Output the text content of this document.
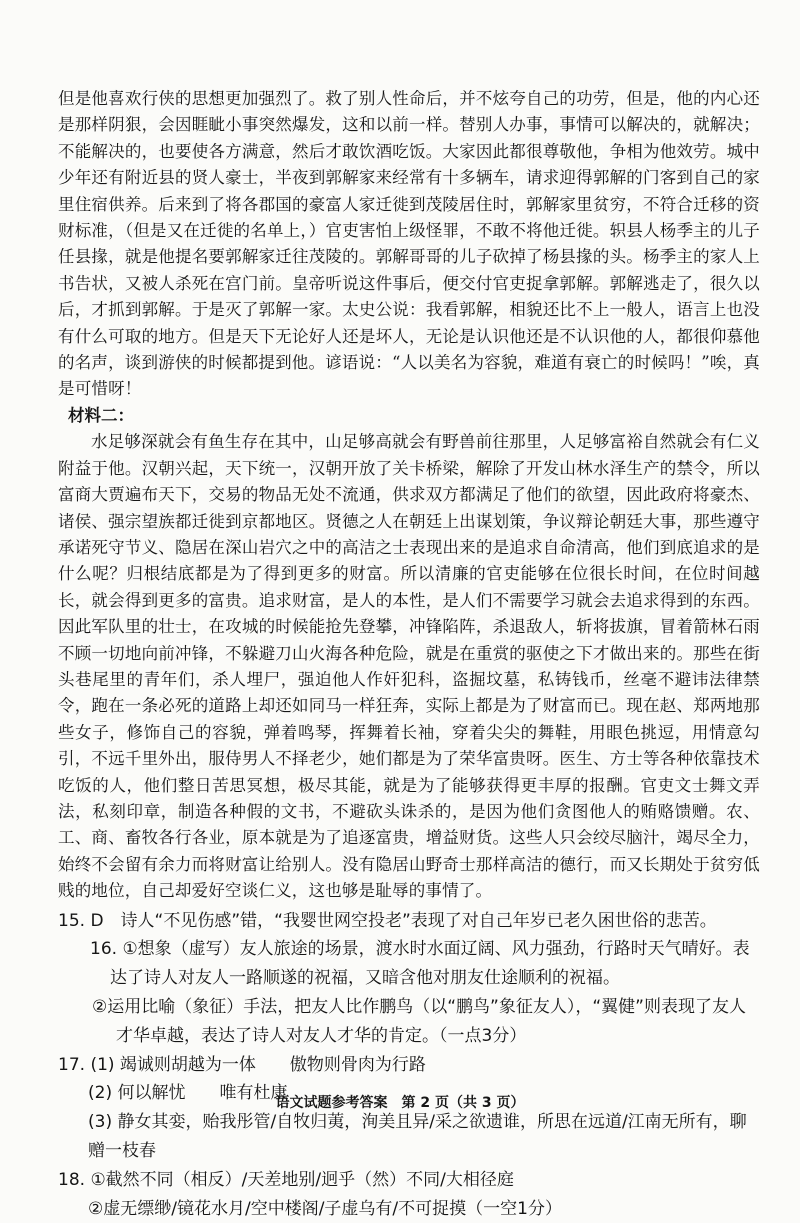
但是他喜欢行侠的思想更加强烈了。救了别人性命后，并不炫夸自己的功劳，但是，他的内心还是那样阴狠，会因睚眦小事突然爆发，这和以前一样。替别人办事，事情可以解决的，就解决；不能解决的，也要使各方满意，然后才敢饮酒吃饭。大家因此都很尊敬他，争相为他效劳。城中少年还有附近县的贤人豪士，半夜到郭解家来经常有十多辆车，请求迎得郭解的门客到自己的家里住宿供养。后来到了将各郡国的豪富人家迁徙到茂陵居住时，郭解家里贫穷，不符合迁移的资财标准，（但是又在迁徙的名单上，）官吏害怕上级怪罪，不敢不将他迁徙。轵县人杨季主的儿子任县掾，就是他提名要郭解家迁往茂陵的。郭解哥哥的儿子砍掉了杨县掾的头。杨季主的家人上书告状，又被人杀死在宫门前。皇帝听说这件事后，便交付官吏捉拿郭解。郭解逃走了，很久以后，才抓到郭解。于是灭了郭解一家。太史公说：我看郭解，相貌还比不上一般人，语言上也没有什么可取的地方。但是天下无论好人还是坏人，无论是认识他还是不认识他的人，都很仰慕他的名声，谈到游侠的时候都提到他。谚语说：“人以美名为容貌，难道有衰亡的时候吗！”唉，真是可惜呀！

材料二：

水足够深就会有鱼生存在其中，山足够高就会有野兽前往那里，人足够富裕自然就会有仁义附益于他。汉朝兴起，天下统一，汉朝开放了关卡桥梁，解除了开发山林水泽生产的禁令，所以富商大贾遍布天下，交易的物品无处不流通，供求双方都满足了他们的欲望，因此政府将豪杰、诸侯、强宗望族都迁徙到京都地区。贤德之人在朝廷上出谋划策，争议辩论朝廷大事，那些遵守承诺死守节义、隐居在深山岩穴之中的高洁之士表现出来的是追求自命清高，他们到底追求的是什么呢？归根结底都是为了得到更多的财富。所以清廉的官吏能够在位很长时间，在位时间越长，就会得到更多的富贵。追求财富，是人的本性，是人们不需要学习就会去追求得到的东西。因此军队里的壮士，在攻城的时候能抢先登攀，冲锋陷阵，杀退敌人，斩将拔旗，冒着箭林石雨不顾一切地向前冲锋，不躲避刀山火海各种危险，就是在重赏的驱使之下才做出来的。那些在街头巷尾里的青年们，杀人埋尸，强迫他人作奸犯科，盗掘坟墓，私铸钱币，丝毫不避讳法律禁令，跑在一条必死的道路上却还如同马一样狂奔，实际上都是为了财富而已。现在赵、郑两地那些女子，修饰自己的容貌，弹着鸣琴，挥舞着长袖，穿着尖尖的舞鞋，用眼色挑逗，用情意勾引，不远千里外出，服侍男人不择老少，她们都是为了荣华富贵呀。医生、方士等各种依靠技术吃饭的人，他们整日苦思冥想，极尽其能，就是为了能够获得更丰厚的报酬。官吏文士舞文弄法，私刻印章，制造各种假的文书，不避砍头诛杀的，是因为他们贪图他人的贿赂馈赠。农、工、商、畜牧各行各业，原本就是为了追逐富贵，增益财货。这些人只会绞尽脑汁，竭尽全力，始终不会留有余力而将财富让给别人。没有隐居山野奇士那样高洁的德行，而又长期处于贫穷低贱的地位，自己却爱好空谈仁义，这也够是耻辱的事情了。

15. D　诗人“不见伤感”错，“我婴世网空投老”表现了对自己年岁已老久困世俗的悲苦。

16. ①想象（虚写）友人旅途的场景，渡水时水面辽阔、风力强劲，行路时天气晴好。表达了诗人对友人一路顺遂的祝福，又暗含他对朋友仕途顺利的祝福。

②运用比喻（象征）手法，把友人比作鹏鸟（以“鹏鸟”象征友人），“翼健”则表现了友人才华卓越，表达了诗人对友人才华的肯定。（一点3分）

17. (1) 竭诚则胡越为一体　　傲物则骨肉为行路

(2) 何以解忧　　唯有杜康

(3) 静女其娈，贻我彤管/自牧归荑，洵美且异/采之欲遗谁，所思在远道/江南无所有，聊赠一枝春

18. ①截然不同（相反）/天差地别/迥乎（然）不同/大相径庭

②虚无缥缈/镜花水月/空中楼阁/子虚乌有/不可捉摸（一空1分）

语文试题参考答案　第 2 页（共 3 页）
